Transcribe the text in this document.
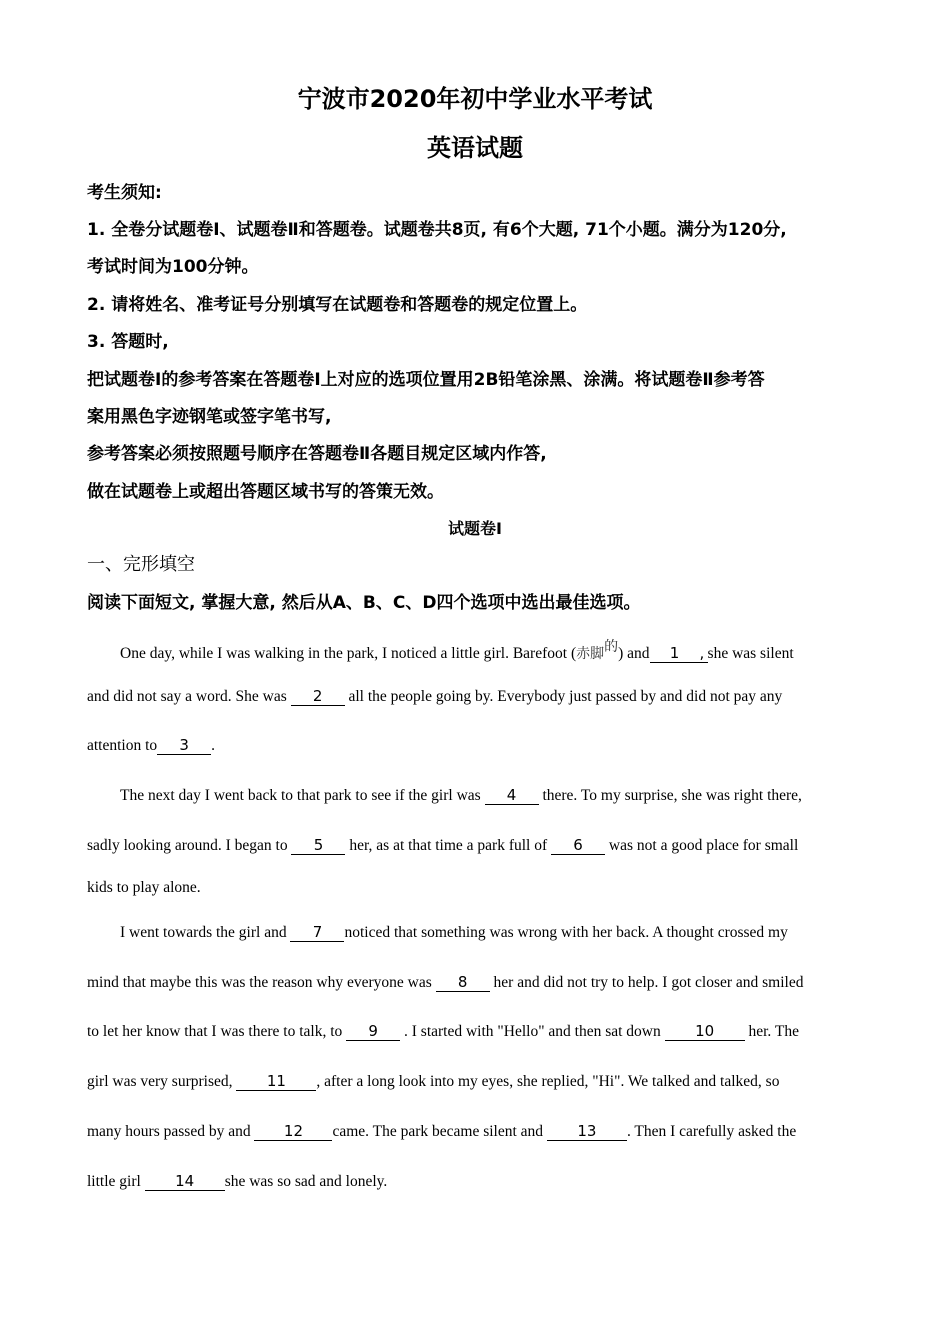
宁波市2020年初中学业水平考试
英语试题
考生须知:
1. 全卷分试题卷I、试题卷Ⅱ和答题卷。试题卷共8页, 有6个大题, 71个小题。满分为120分,
考试时间为100分钟。
2. 请将姓名、准考证号分别填写在试题卷和答题卷的规定位置上。
3. 答题时,
把试题卷I的参考答案在答题卷I上对应的选项位置用2B铅笔涂黑、涂满。将试题卷Ⅱ参考答
案用黑色字迹钢笔或签字笔书写,
参考答案必须按照题号顺序在答题卷Ⅱ各题目规定区域内作答,
做在试题卷上或超出答题区域书写的答策无效。
试题卷I
一、完形填空
阅读下面短文, 掌握大意, 然后从A、B、C、D四个选项中选出最佳选项。
One day, while I was walking in the park, I noticed a little girl. Barefoot (赤脚的) and 1 , she was silent
and did not say a word. She was 2 all the people going by. Everybody just passed by and did not pay any
attention to 3 .
The next day I went back to that park to see if the girl was 4 there. To my surprise, she was right there,
sadly looking around. I began to 5 her, as at that time a park full of 6 was not a good place for small
kids to play alone.
I went towards the girl and 7 noticed that something was wrong with her back. A thought crossed my
mind that maybe this was the reason why everyone was 8 her and did not try to help. I got closer and smiled
to let her know that I was there to talk, to 9 . I started with "Hello" and then sat down 10 her. The
girl was very surprised, 11 , after a long look into my eyes, she replied, "Hi". We talked and talked, so
many hours passed by and 12 came. The park became silent and 13 . Then I carefully asked the
little girl 14 she was so sad and lonely.
